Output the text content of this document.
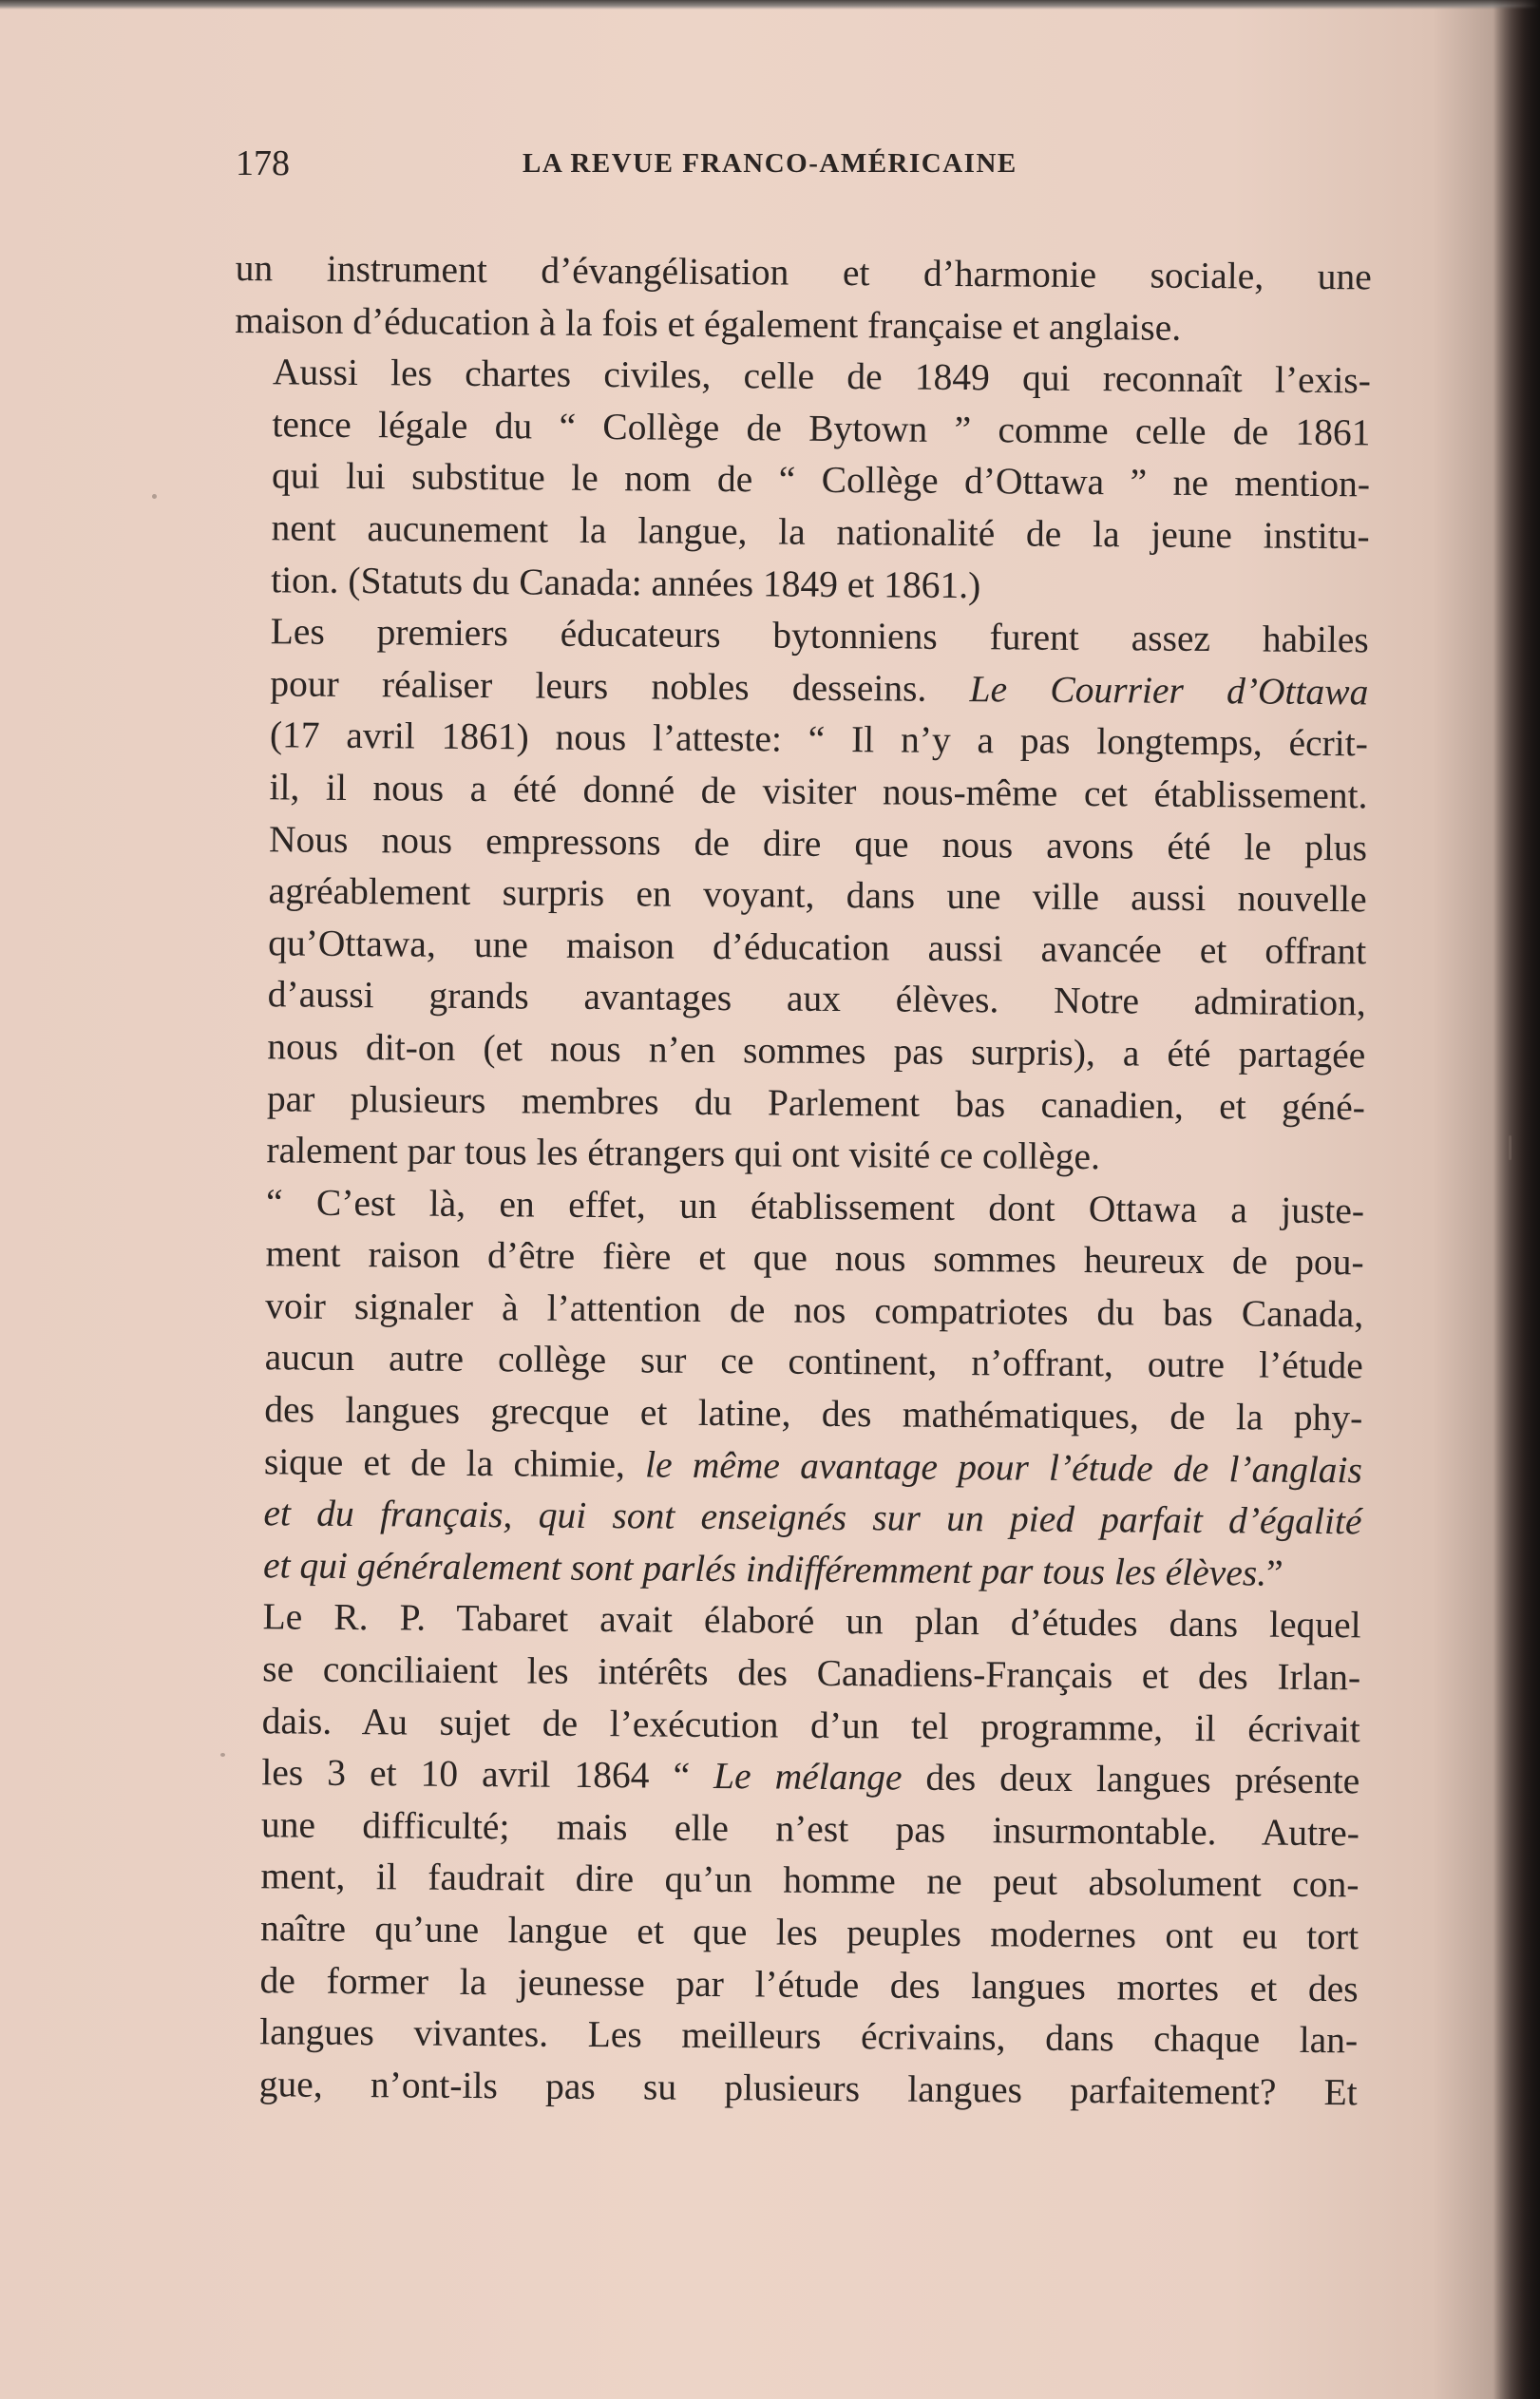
178	LA REVUE FRANCO-AMÉRICAINE

un instrument d’évangélisation et d’harmonie sociale, une
maison d’éducation à la fois et également française et anglaise.

Aussi les chartes civiles, celle de 1849 qui reconnaît l’exis-
tence légale du “ Collège de Bytown ” comme celle de 1861
qui lui substitue le nom de “ Collège d’Ottawa ” ne mention-
nent aucunement la langue, la nationalité de la jeune institu-
tion. (Statuts du Canada: années 1849 et 1861.)

Les premiers éducateurs bytonniens furent assez habiles
pour réaliser leurs nobles desseins. Le Courrier d’Ottawa
(17 avril 1861) nous l’atteste: “ Il n’y a pas longtemps, écrit-
il, il nous a été donné de visiter nous-même cet établissement.
Nous nous empressons de dire que nous avons été le plus
agréablement surpris en voyant, dans une ville aussi nouvelle
qu’Ottawa, une maison d’éducation aussi avancée et offrant
d’aussi grands avantages aux élèves. Notre admiration,
nous dit-on (et nous n’en sommes pas surpris), a été partagée
par plusieurs membres du Parlement bas canadien, et géné-
ralement par tous les étrangers qui ont visité ce collège.

“ C’est là, en effet, un établissement dont Ottawa a juste-
ment raison d’être fière et que nous sommes heureux de pou-
voir signaler à l’attention de nos compatriotes du bas Canada,
aucun autre collège sur ce continent, n’offrant, outre l’étude
des langues grecque et latine, des mathématiques, de la phy-
sique et de la chimie, le même avantage pour l’étude de l’anglais
et du français, qui sont enseignés sur un pied parfait d’égalité
et qui généralement sont parlés indifféremment par tous les élèves.”

Le R. P. Tabaret avait élaboré un plan d’études dans lequel
se conciliaient les intérêts des Canadiens-Français et des Irlan-
dais. Au sujet de l’exécution d’un tel programme, il écrivait
les 3 et 10 avril 1864 “ Le mélange des deux langues présente
une difficulté; mais elle n’est pas insurmontable. Autre-
ment, il faudrait dire qu’un homme ne peut absolument con-
naître qu’une langue et que les peuples modernes ont eu tort
de former la jeunesse par l’étude des langues mortes et des
langues vivantes. Les meilleurs écrivains, dans chaque lan-
gue, n’ont-ils pas su plusieurs langues parfaitement? Et
